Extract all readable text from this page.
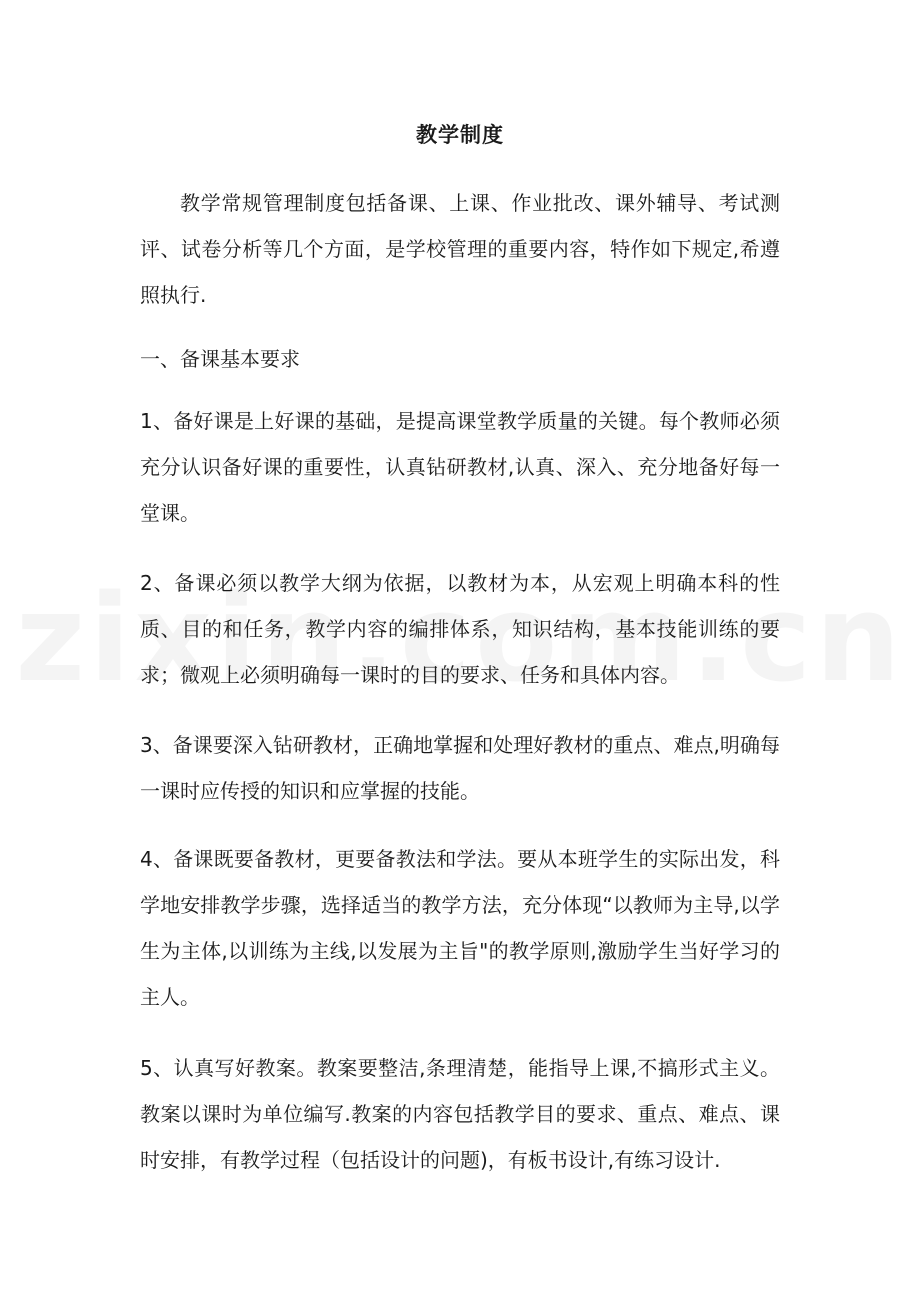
教学制度

教学常规管理制度包括备课、上课、作业批改、课外辅导、考试测评、试卷分析等几个方面，是学校管理的重要内容，特作如下规定,希遵照执行.

一、备课基本要求

1、备好课是上好课的基础，是提高课堂教学质量的关键。每个教师必须充分认识备好课的重要性，认真钻研教材,认真、深入、充分地备好每一堂课。

2、备课必须以教学大纲为依据，以教材为本，从宏观上明确本科的性质、目的和任务，教学内容的编排体系，知识结构，基本技能训练的要求；微观上必须明确每一课时的目的要求、任务和具体内容。

3、备课要深入钻研教材，正确地掌握和处理好教材的重点、难点,明确每一课时应传授的知识和应掌握的技能。

4、备课既要备教材，更要备教法和学法。要从本班学生的实际出发，科学地安排教学步骤，选择适当的教学方法，充分体现“以教师为主导,以学生为主体,以训练为主线,以发展为主旨"的教学原则,激励学生当好学习的主人。

5、认真写好教案。教案要整洁,条理清楚，能指导上课,不搞形式主义。教案以课时为单位编写.教案的内容包括教学目的要求、重点、难点、课时安排，有教学过程（包括设计的问题)，有板书设计,有练习设计.
